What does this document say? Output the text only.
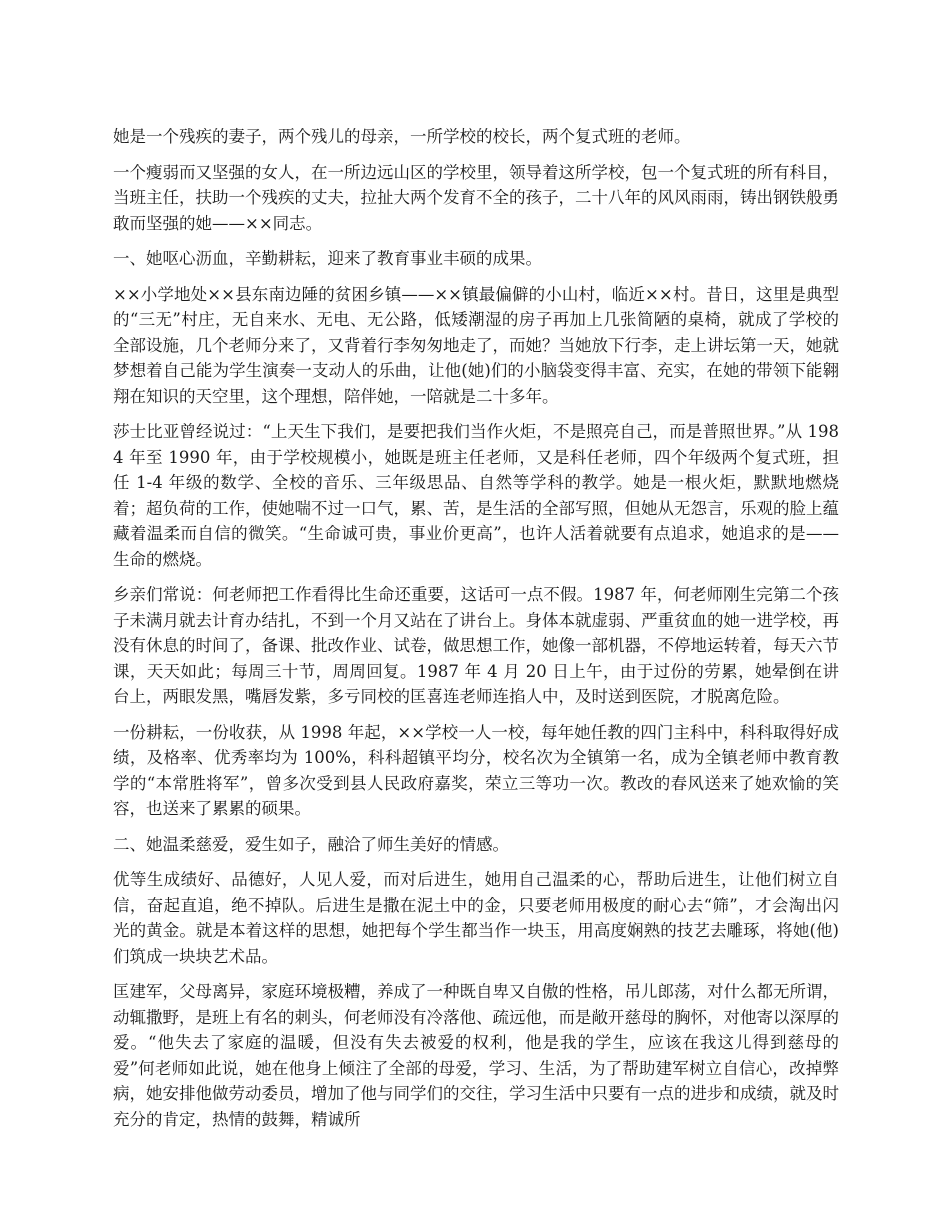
她是一个残疾的妻子，两个残儿的母亲，一所学校的校长，两个复式班的老师。

一个瘦弱而又坚强的女人，在一所边远山区的学校里，领导着这所学校，包一个复式班的所有科目，当班主任，扶助一个残疾的丈夫，拉扯大两个发育不全的孩子，二十八年的风风雨雨，铸出钢铁般勇敢而坚强的她——××同志。

一、她呕心沥血，辛勤耕耘，迎来了教育事业丰硕的成果。

××小学地处××县东南边陲的贫困乡镇——××镇最偏僻的小山村，临近××村。昔日，这里是典型的“三无”村庄，无自来水、无电、无公路，低矮潮湿的房子再加上几张简陋的桌椅，就成了学校的全部设施，几个老师分来了，又背着行李匆匆地走了，而她？当她放下行李，走上讲坛第一天，她就梦想着自己能为学生演奏一支动人的乐曲，让他(她)们的小脑袋变得丰富、充实，在她的带领下能翱翔在知识的天空里，这个理想，陪伴她，一陪就是二十多年。

莎士比亚曾经说过：“上天生下我们，是要把我们当作火炬，不是照亮自己，而是普照世界。”从 1984 年至 1990 年，由于学校规模小，她既是班主任老师，又是科任老师，四个年级两个复式班，担任 1-4 年级的数学、全校的音乐、三年级思品、自然等学科的教学。她是一根火炬，默默地燃烧着；超负荷的工作，使她喘不过一口气，累、苦，是生活的全部写照，但她从无怨言，乐观的脸上蕴藏着温柔而自信的微笑。“生命诚可贵，事业价更高”，也许人活着就要有点追求，她追求的是——生命的燃烧。

乡亲们常说：何老师把工作看得比生命还重要，这话可一点不假。1987 年，何老师刚生完第二个孩子未满月就去计育办结扎，不到一个月又站在了讲台上。身体本就虚弱、严重贫血的她一进学校，再没有休息的时间了，备课、批改作业、试卷，做思想工作，她像一部机器，不停地运转着，每天六节课，天天如此；每周三十节，周周回复。1987 年 4 月 20 日上午，由于过份的劳累，她晕倒在讲台上，两眼发黑，嘴唇发紫，多亏同校的匡喜连老师连掐人中，及时送到医院，才脱离危险。

一份耕耘，一份收获，从 1998 年起，××学校一人一校，每年她任教的四门主科中，科科取得好成绩，及格率、优秀率均为 100%，科科超镇平均分，校名次为全镇第一名，成为全镇老师中教育教学的“本常胜将军”，曾多次受到县人民政府嘉奖，荣立三等功一次。教改的春风送来了她欢愉的笑容，也送来了累累的硕果。

二、她温柔慈爱，爱生如子，融洽了师生美好的情感。

优等生成绩好、品德好，人见人爱，而对后进生，她用自己温柔的心，帮助后进生，让他们树立自信，奋起直追，绝不掉队。后进生是撒在泥土中的金，只要老师用极度的耐心去“筛”，才会淘出闪光的黄金。就是本着这样的思想，她把每个学生都当作一块玉，用高度娴熟的技艺去雕琢，将她(他)们筑成一块块艺术品。

匡建军，父母离异，家庭环境极糟，养成了一种既自卑又自傲的性格，吊儿郎荡，对什么都无所谓，动辄撒野，是班上有名的刺头，何老师没有冷落他、疏远他，而是敞开慈母的胸怀，对他寄以深厚的爱。“他失去了家庭的温暖，但没有失去被爱的权利，他是我的学生，应该在我这儿得到慈母的爱”何老师如此说，她在他身上倾注了全部的母爱，学习、生活，为了帮助建军树立自信心，改掉弊病，她安排他做劳动委员，增加了他与同学们的交往，学习生活中只要有一点的进步和成绩，就及时充分的肯定，热情的鼓舞，精诚所
